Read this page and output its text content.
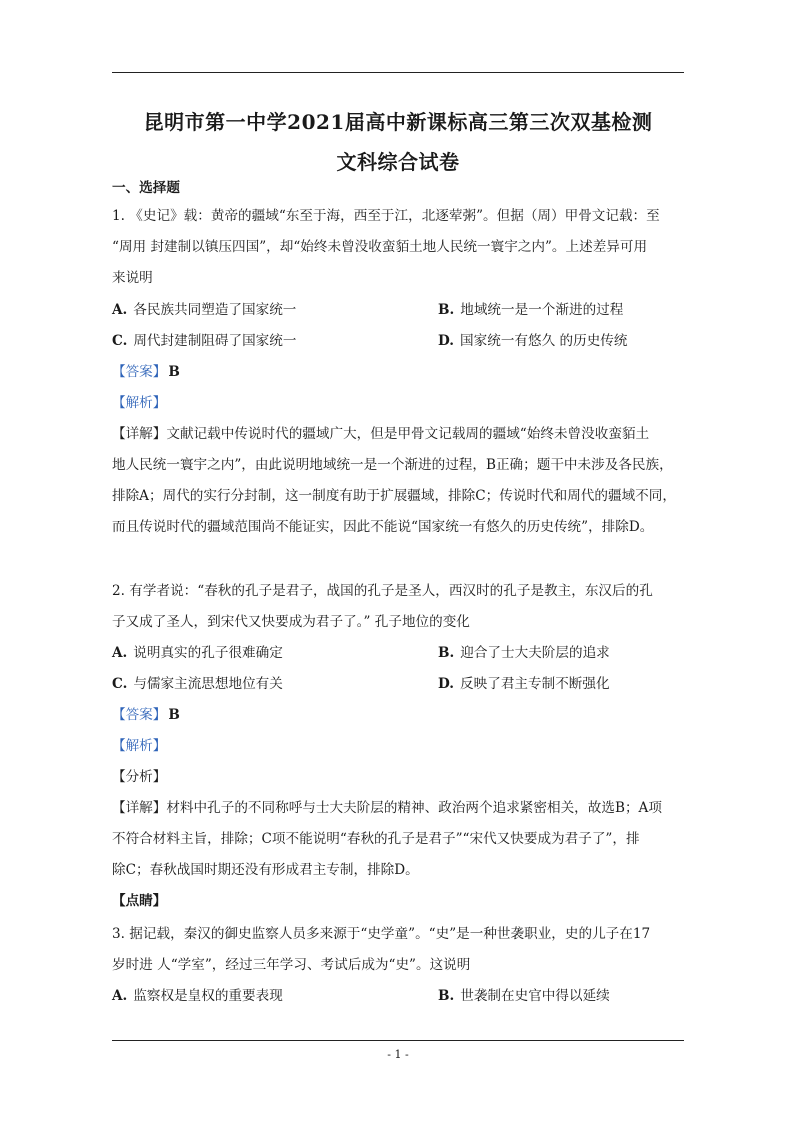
昆明市第一中学2021届高中新课标高三第三次双基检测
文科综合试卷
一、选择题
1. 《史记》载：黄帝的疆域“东至于海，西至于江，北逐荤粥”。但据（周）甲骨文记载：至
“周用 封建制以镇压四国”，却“始终未曾没收蛮貊土地人民统一寰宇之内”。上述差异可用
来说明
A. 各民族共同塑造了国家统一	B. 地域统一是一个渐进的过程
C. 周代封建制阻碍了国家统一	D. 国家统一有悠久 的历史传统
【答案】 B
【解析】
【详解】文献记载中传说时代的疆域广大，但是甲骨文记载周的疆域“始终未曾没收蛮貊土
地人民统一寰宇之内”，由此说明地域统一是一个渐进的过程，B正确；题干中未涉及各民族，
排除A；周代的实行分封制，这一制度有助于扩展疆域，排除C；传说时代和周代的疆域不同，
而且传说时代的疆域范围尚不能证实，因此不能说“国家统一有悠久的历史传统”，排除D。
2. 有学者说：“春秋的孔子是君子，战国的孔子是圣人，西汉时的孔子是教主，东汉后的孔
子又成了圣人，到宋代又快要成为君子了。” 孔子地位的变化
A. 说明真实的孔子很难确定	B. 迎合了士大夫阶层的追求
C. 与儒家主流思想地位有关	D. 反映了君主专制不断强化
【答案】 B
【解析】
【分析】
【详解】材料中孔子的不同称呼与士大夫阶层的精神、政治两个追求紧密相关，故选B；A项
不符合材料主旨，排除；C项不能说明“春秋的孔子是君子”“宋代又快要成为君子了”，排
除C；春秋战国时期还没有形成君主专制，排除D。
【点睛】
3. 据记载，秦汉的御史监察人员多来源于“史学童”。“史”是一种世袭职业，史的儿子在17
岁时进 人“学室”，经过三年学习、考试后成为“史”。这说明
A. 监察权是皇权的重要表现	B. 世袭制在史官中得以延续
- 1 -
